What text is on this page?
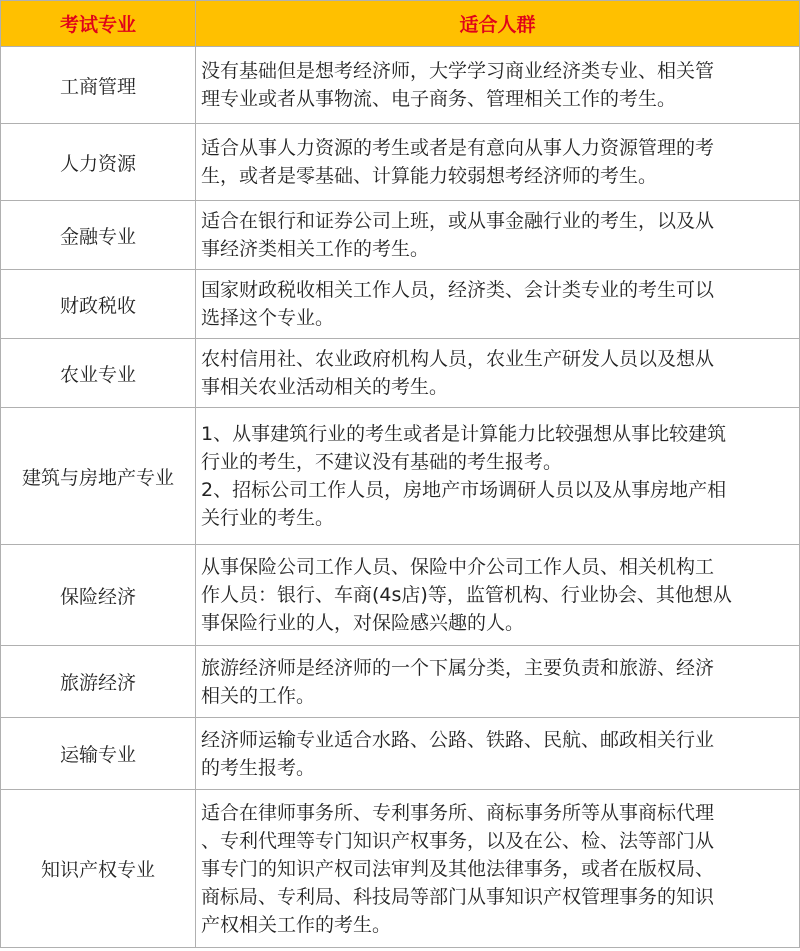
考试专业	适合人群
工商管理	没有基础但是想考经济师，大学学习商业经济类专业、相关管
理专业或者从事物流、电子商务、管理相关工作的考生。

人力资源	适合从事人力资源的考生或者是有意向从事人力资源管理的考
生，或者是零基础、计算能力较弱想考经济师的考生。

金融专业	适合在银行和证券公司上班，或从事金融行业的考生，以及从
事经济类相关工作的考生。

财政税收	国家财政税收相关工作人员，经济类、会计类专业的考生可以
选择这个专业。

农业专业	农村信用社、农业政府机构人员，农业生产研发人员以及想从
事相关农业活动相关的考生。

建筑与房地产专业	1、从事建筑行业的考生或者是计算能力比较强想从事比较建筑
行业的考生，不建议没有基础的考生报考。
2、招标公司工作人员，房地产市场调研人员以及从事房地产相
关行业的考生。

保险经济	从事保险公司工作人员、保险中介公司工作人员、相关机构工
作人员：银行、车商(4s店)等，监管机构、行业协会、其他想从
事保险行业的人，对保险感兴趣的人。

旅游经济	旅游经济师是经济师的一个下属分类，主要负责和旅游、经济
相关的工作。

运输专业	经济师运输专业适合水路、公路、铁路、民航、邮政相关行业
的考生报考。

知识产权专业	适合在律师事务所、专利事务所、商标事务所等从事商标代理
、专利代理等专门知识产权事务，以及在公、检、法等部门从
事专门的知识产权司法审判及其他法律事务，或者在版权局、
商标局、专利局、科技局等部门从事知识产权管理事务的知识
产权相关工作的考生。
